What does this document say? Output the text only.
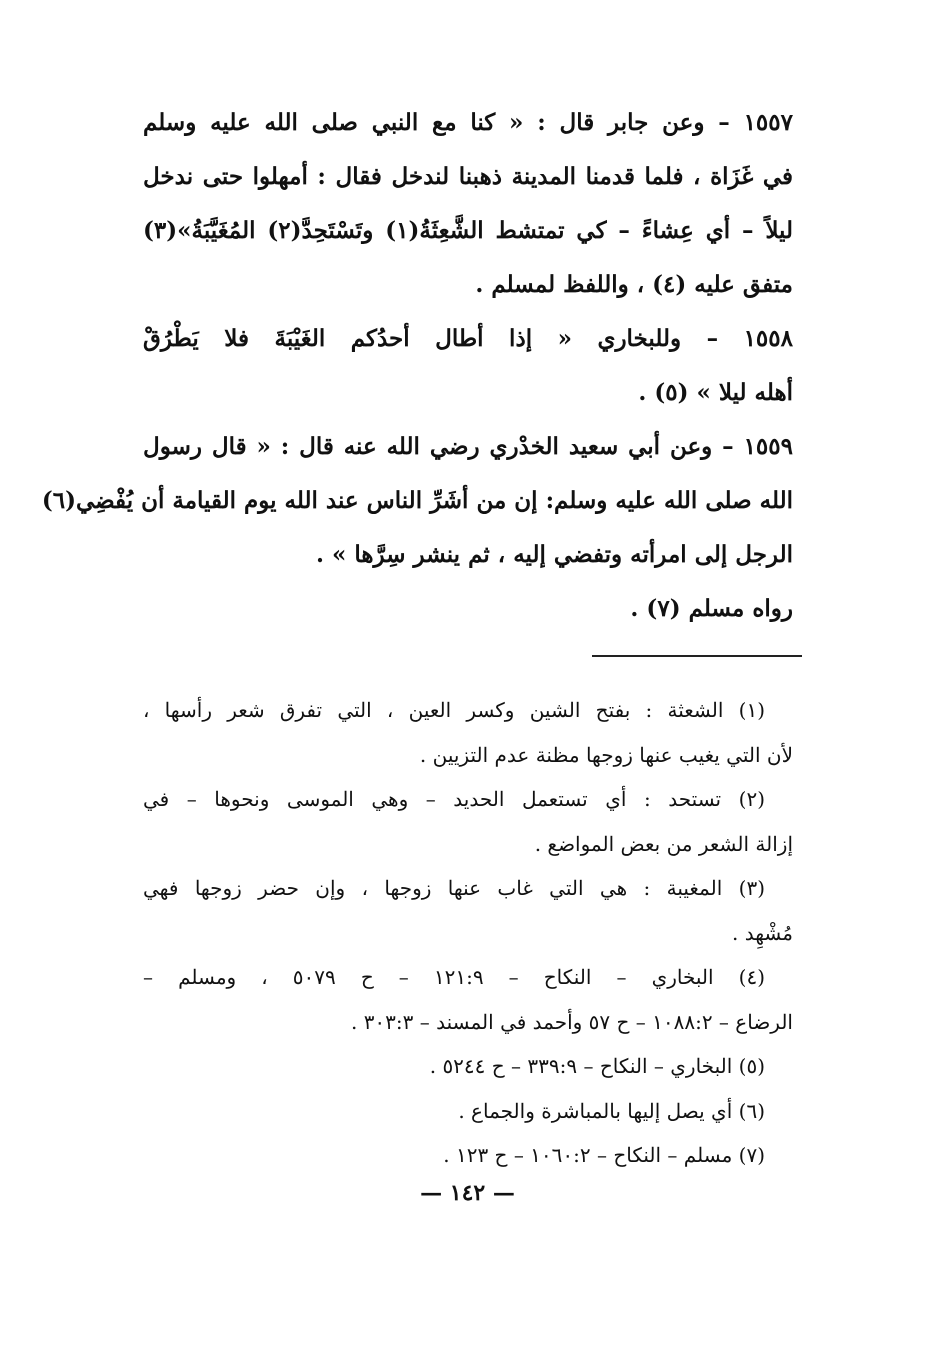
١٥٥٧ – وعن جابر قال : « كنا مع النبي صلى الله عليه وسلم
في غَزَاة ، فلما قدمنا المدينة ذهبنا لندخل فقال : أمهلوا حتى ندخل
ليلاً – أي عِشاءً – كي تمتشط الشَّعِثَةُ(١) وتَسْتَحِدَّ(٢) المُغَيَّبَةُ»(٣)
متفق عليه (٤) ، واللفظ لمسلم .
١٥٥٨ – وللبخاري « إذا أطال أحدُكم الغَيْبَةَ فلا يَطْرُقْ
أهله ليلا » (٥) .
١٥٥٩ – وعن أبي سعيد الخدْري رضي الله عنه قال : « قال رسول
الله صلى الله عليه وسلم: إن من أشَرِّ الناس عند الله يوم القيامة أن يُفْضِي(٦)
الرجل إلى امرأته وتفضي إليه ، ثم ينشر سِرَّها » .
رواه مسلم (٧) .
(١) الشعثة : بفتح الشين وكسر العين ، التي تفرق شعر رأسها ،
لأن التي يغيب عنها زوجها مظنة عدم التزيين .
(٢) تستحد : أي تستعمل الحديد – وهي الموسى ونحوها – في
إزالة الشعر من بعض المواضع .
(٣) المغيبة : هي التي غاب عنها زوجها ، وإن حضر زوجها فهي
مُشْهِد .
(٤) البخاري – النكاح – ١٢١:٩ – ح ٥٠٧٩ ، ومسلم –
الرضاع – ١٠٨٨:٢ – ح ٥٧ وأحمد في المسند – ٣٠٣:٣ .
(٥) البخاري – النكاح – ٣٣٩:٩ – ح ٥٢٤٤ .
(٦) أي يصل إليها بالمباشرة والجماع .
(٧) مسلم – النكاح – ١٠٦٠:٢ – ح ١٢٣ .
— ١٤٢ —
